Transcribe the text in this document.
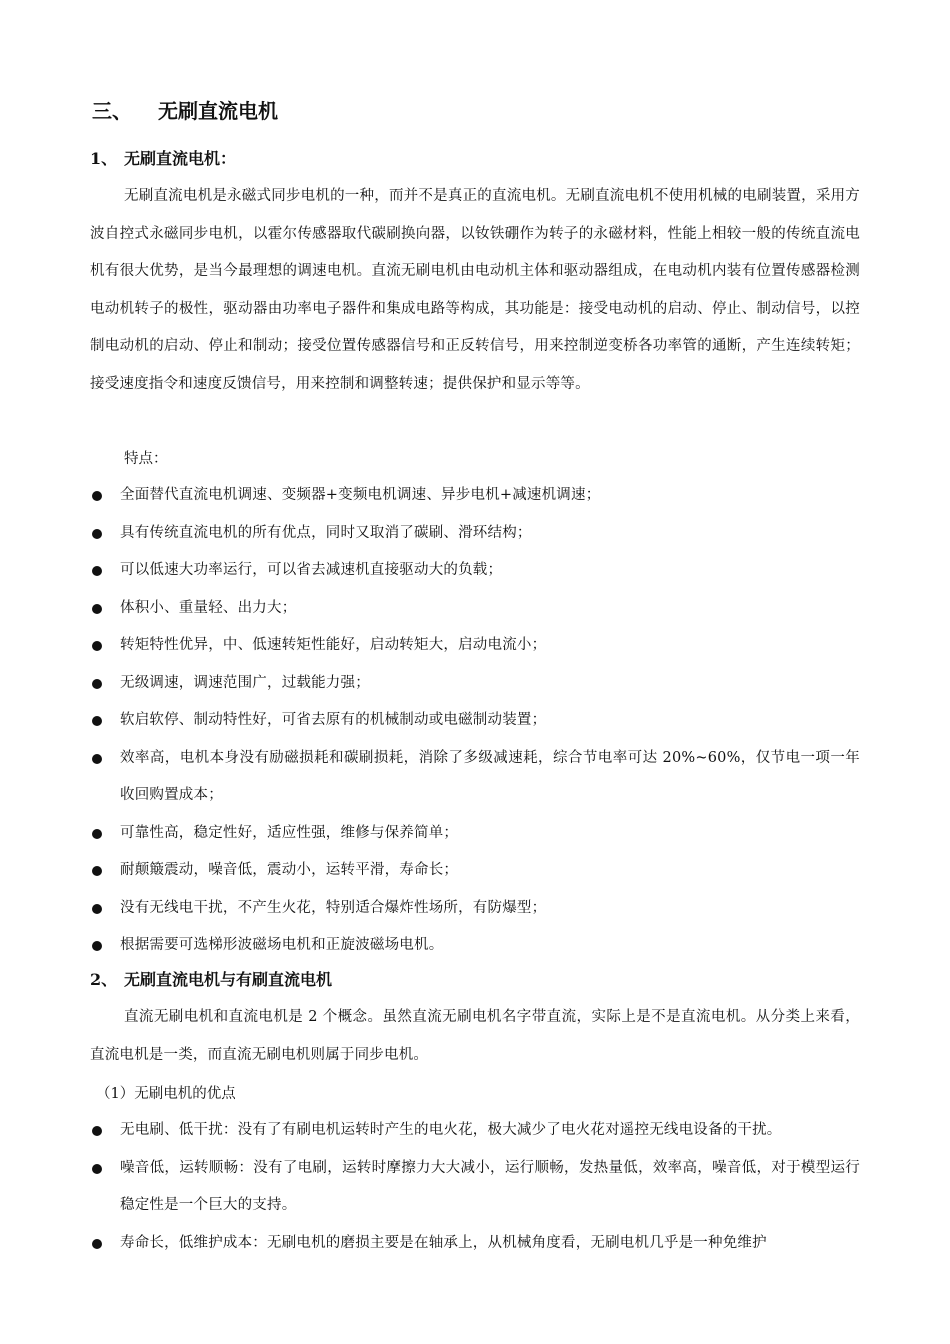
三、 无刷直流电机
1、 无刷直流电机：

无刷直流电机是永磁式同步电机的一种，而并不是真正的直流电机。无刷直流电机不使用机械的电刷装置，采用方波自控式永磁同步电机，以霍尔传感器取代碳刷换向器，以钕铁硼作为转子的永磁材料，性能上相较一般的传统直流电机有很大优势，是当今最理想的调速电机。直流无刷电机由电动机主体和驱动器组成，在电动机内装有位置传感器检测电动机转子的极性，驱动器由功率电子器件和集成电路等构成，其功能是：接受电动机的启动、停止、制动信号，以控制电动机的启动、停止和制动；接受位置传感器信号和正反转信号，用来控制逆变桥各功率管的通断，产生连续转矩；接受速度指令和速度反馈信号，用来控制和调整转速；提供保护和显示等等。

特点：
全面替代直流电机调速、变频器+变频电机调速、异步电机+减速机调速；
具有传统直流电机的所有优点，同时又取消了碳刷、滑环结构；
可以低速大功率运行，可以省去减速机直接驱动大的负载；
体积小、重量轻、出力大；
转矩特性优异，中、低速转矩性能好，启动转矩大，启动电流小；
无级调速，调速范围广，过载能力强；
软启软停、制动特性好，可省去原有的机械制动或电磁制动装置；
效率高，电机本身没有励磁损耗和碳刷损耗，消除了多级减速耗，综合节电率可达 20%~60%，仅节电一项一年收回购置成本；
可靠性高，稳定性好，适应性强，维修与保养简单；
耐颠簸震动，噪音低，震动小，运转平滑，寿命长；
没有无线电干扰，不产生火花，特别适合爆炸性场所，有防爆型；
根据需要可选梯形波磁场电机和正旋波磁场电机。
2、 无刷直流电机与有刷直流电机

直流无刷电机和直流电机是 2 个概念。虽然直流无刷电机名字带直流，实际上是不是直流电机。从分类上来看，直流电机是一类，而直流无刷电机则属于同步电机。

（1）无刷电机的优点
无电刷、低干扰：没有了有刷电机运转时产生的电火花，极大减少了电火花对遥控无线电设备的干扰。
噪音低，运转顺畅：没有了电刷，运转时摩擦力大大减小，运行顺畅，发热量低，效率高，噪音低，对于模型运行稳定性是一个巨大的支持。
寿命长，低维护成本：无刷电机的磨损主要是在轴承上，从机械角度看，无刷电机几乎是一种免维护
